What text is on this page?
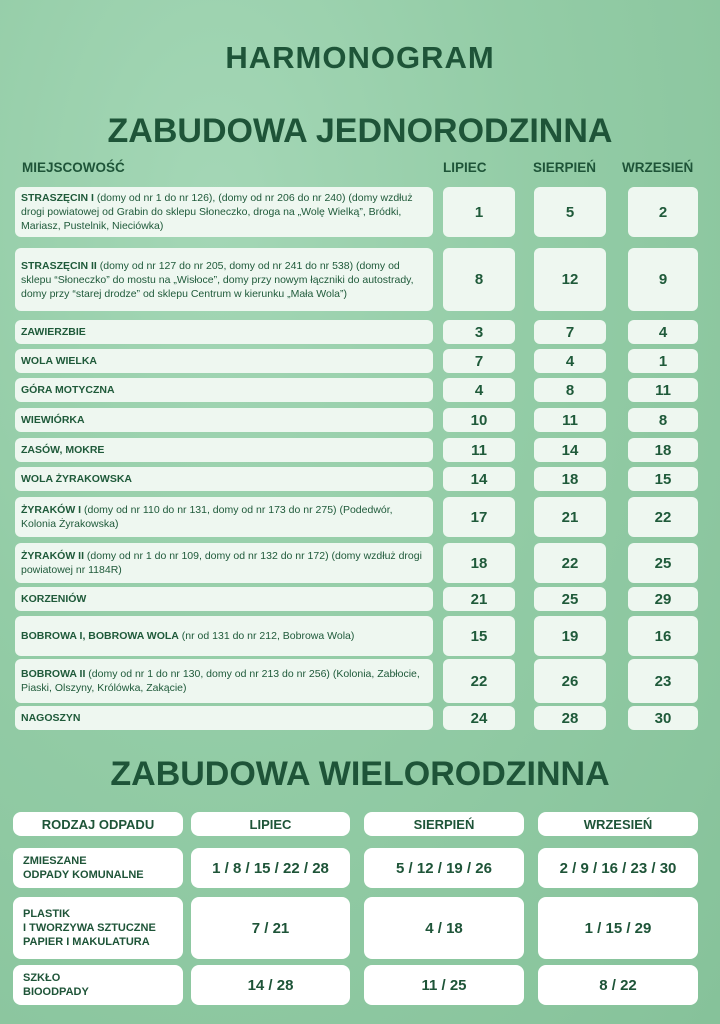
HARMONOGRAM
ZABUDOWA JEDNORODZINNA
MIEJSCOWOŚĆ	LIPIEC	SIERPIEŃ WRZESIEŃ
STRASZĘCIN I (domy od nr 1 do nr 126), (domy od nr 206 do nr 240) (domy wzdłuż drogi powiatowej od Grabin do sklepu Słoneczko, droga na „Wolę Wielką”, Bródki, Mariasz, Pustelnik, Nieciówka)
1	5	2
STRASZĘCIN II (domy od nr 127 do nr 205, domy od nr 241 do nr 538) (domy od sklepu “Słoneczko” do mostu na „Wisłoce”, domy przy nowym łączniki do autostrady, domy przy “starej drodze” od sklepu Centrum w kierunku „Mała Wola”)
8	12	9
ZAWIERZBIE	3	7	4
WOLA WIELKA	7	4	1
GÓRA MOTYCZNA	4	8	11
WIEWIÓRKA	10	11	8
ZASÓW, MOKRE	11	14	18
WOLA ŻYRAKOWSKA	14	18	15
ŻYRAKÓW I (domy od nr 110 do nr 131, domy od nr 173 do nr 275) (Podedwór, Kolonia Żyrakowska)	17	21	22
ŻYRAKÓW II (domy od nr 1 do nr 109, domy od nr 132 do nr 172) (domy wzdłuż drogi powiatowej nr 1184R)	18	22	25
KORZENIÓW	21	25	29
BOBROWA I, BOBROWA WOLA (nr od 131 do nr 212, Bobrowa Wola)	15	19	16
BOBROWA II (domy od nr 1 do nr 130, domy od nr 213 do nr 256) (Kolonia, Zabłocie, Piaski, Olszyny, Królówka, Zakącie)	22	26	23
NAGOSZYN	24	28	30
ZABUDOWA WIELORODZINNA
RODZAJ ODPADU	LIPIEC	SIERPIEŃ	WRZESIEŃ
ZMIESZANE
ODPADY KOMUNALNE	1 / 8 / 15 / 22 / 28	5 / 12 / 19 / 26	2 / 9 / 16 / 23 / 30
PLASTIK
I TWORZYWA SZTUCZNE
PAPIER I MAKULATURA
7 / 21	4 / 18	1 / 15 / 29
SZKŁO
BIOODPADY	14 / 28	11 / 25	8 / 22
